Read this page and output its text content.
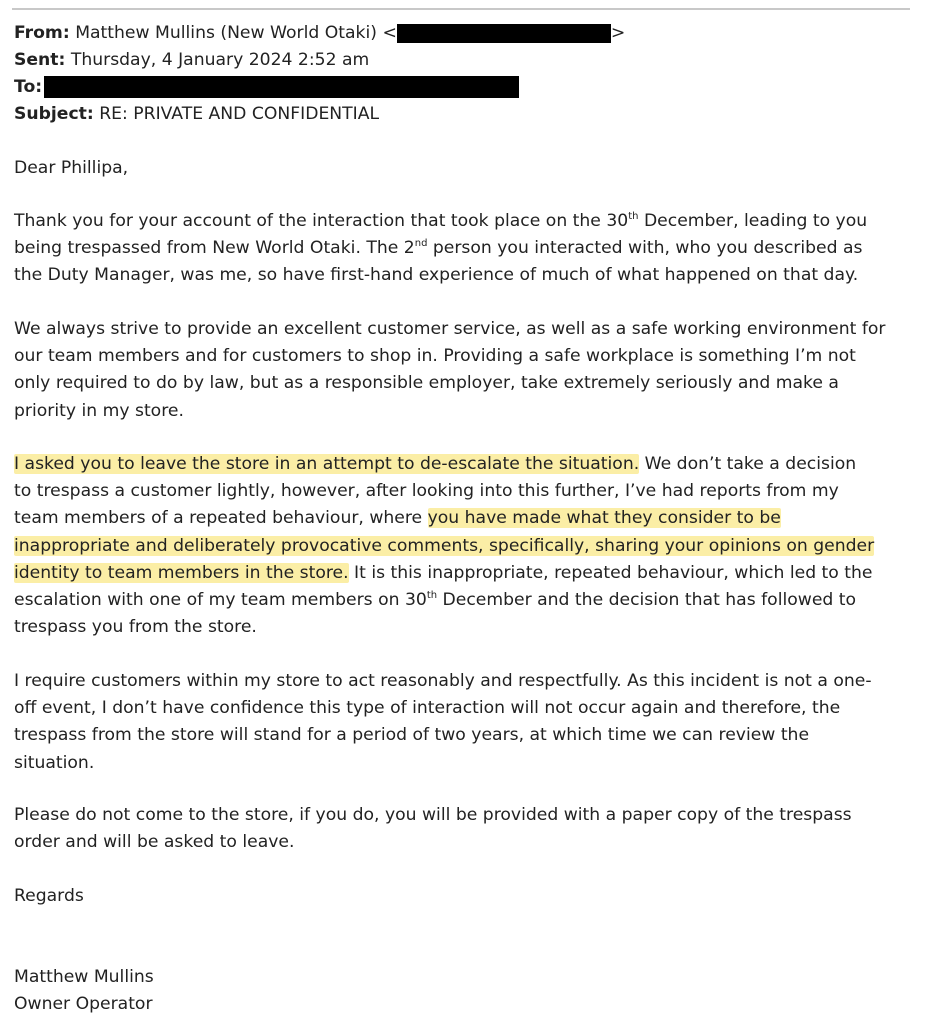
From: Matthew Mullins (New World Otaki) <	>
Sent: Thursday, 4 January 2024 2:52 am
To:
Subject: RE: PRIVATE AND CONFIDENTIAL
Dear Phillipa,
Thank you for your account of the interaction that took place on the 30th December, leading to you
being trespassed from New World Otaki. The 2nd person you interacted with, who you described as
the Duty Manager, was me, so have first-hand experience of much of what happened on that day.
We always strive to provide an excellent customer service, as well as a safe working environment for
our team members and for customers to shop in. Providing a safe workplace is something I’m not
only required to do by law, but as a responsible employer, take extremely seriously and make a
priority in my store.
I asked you to leave the store in an attempt to de-escalate the situation. We don’t take a decision
to trespass a customer lightly, however, after looking into this further, I’ve had reports from my
team members of a repeated behaviour, where you have made what they consider to be
inappropriate and deliberately provocative comments, specifically, sharing your opinions on gender
identity to team members in the store. It is this inappropriate, repeated behaviour, which led to the
escalation with one of my team members on 30th December and the decision that has followed to
trespass you from the store.
I require customers within my store to act reasonably and respectfully. As this incident is not a one-
off event, I don’t have confidence this type of interaction will not occur again and therefore, the
trespass from the store will stand for a period of two years, at which time we can review the
situation.
Please do not come to the store, if you do, you will be provided with a paper copy of the trespass
order and will be asked to leave.
Regards
Matthew Mullins
Owner Operator
